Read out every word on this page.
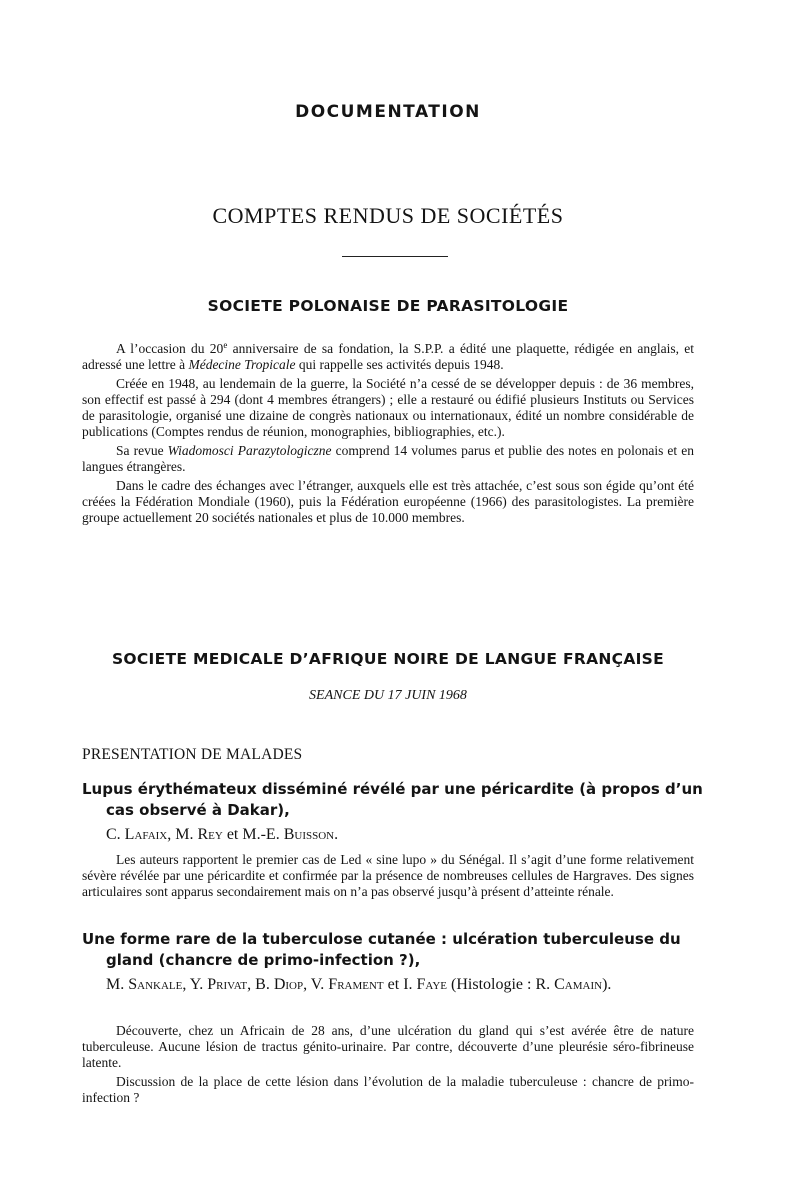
DOCUMENTATION
COMPTES RENDUS DE SOCIÉTÉS
SOCIETE POLONAISE DE PARASITOLOGIE

A l’occasion du 20e anniversaire de sa fondation, la S.P.P. a édité une plaquette, rédigée en anglais, et adressé une lettre à Médecine Tropicale qui rappelle ses activités depuis 1948.

Créée en 1948, au lendemain de la guerre, la Société n’a cessé de se développer depuis : de 36 membres, son effectif est passé à 294 (dont 4 membres étrangers) ; elle a restauré ou édifié plusieurs Instituts ou Services de parasitologie, organisé une dizaine de congrès nationaux ou internationaux, édité un nombre considérable de publications (Comptes rendus de réunion, monographies, bibliographies, etc.).

Sa revue Wiadomosci Parazytologiczne comprend 14 volumes parus et publie des notes en polonais et en langues étrangères.

Dans le cadre des échanges avec l’étranger, auxquels elle est très attachée, c’est sous son égide qu’ont été créées la Fédération Mondiale (1960), puis la Fédération européenne (1966) des parasitologistes. La première groupe actuellement 20 sociétés nationales et plus de 10.000 membres.

SOCIETE MEDICALE D’AFRIQUE NOIRE DE LANGUE FRANÇAISE
SEANCE DU 17 JUIN 1968
PRESENTATION DE MALADES
Lupus érythémateux disséminé révélé par une péricardite (à propos d’un cas observé à Dakar),
C. Lafaix, M. Rey et M.-E. Buisson.

Les auteurs rapportent le premier cas de Led « sine lupo » du Sénégal. Il s’agit d’une forme relativement sévère révélée par une péricardite et confirmée par la présence de nombreuses cellules de Hargraves. Des signes articulaires sont apparus secondairement mais on n’a pas observé jusqu’à présent d’atteinte rénale.

Une forme rare de la tuberculose cutanée : ulcération tuberculeuse du gland (chancre de primo-infection ?),
M. Sankale, Y. Privat, B. Diop, V. Frament et I. Faye (Histologie : R. Camain).

Découverte, chez un Africain de 28 ans, d’une ulcération du gland qui s’est avérée être de nature tuberculeuse. Aucune lésion de tractus génito-urinaire. Par contre, découverte d’une pleurésie séro-fibrineuse latente.

Discussion de la place de cette lésion dans l’évolution de la maladie tuberculeuse : chancre de primo-infection ?
